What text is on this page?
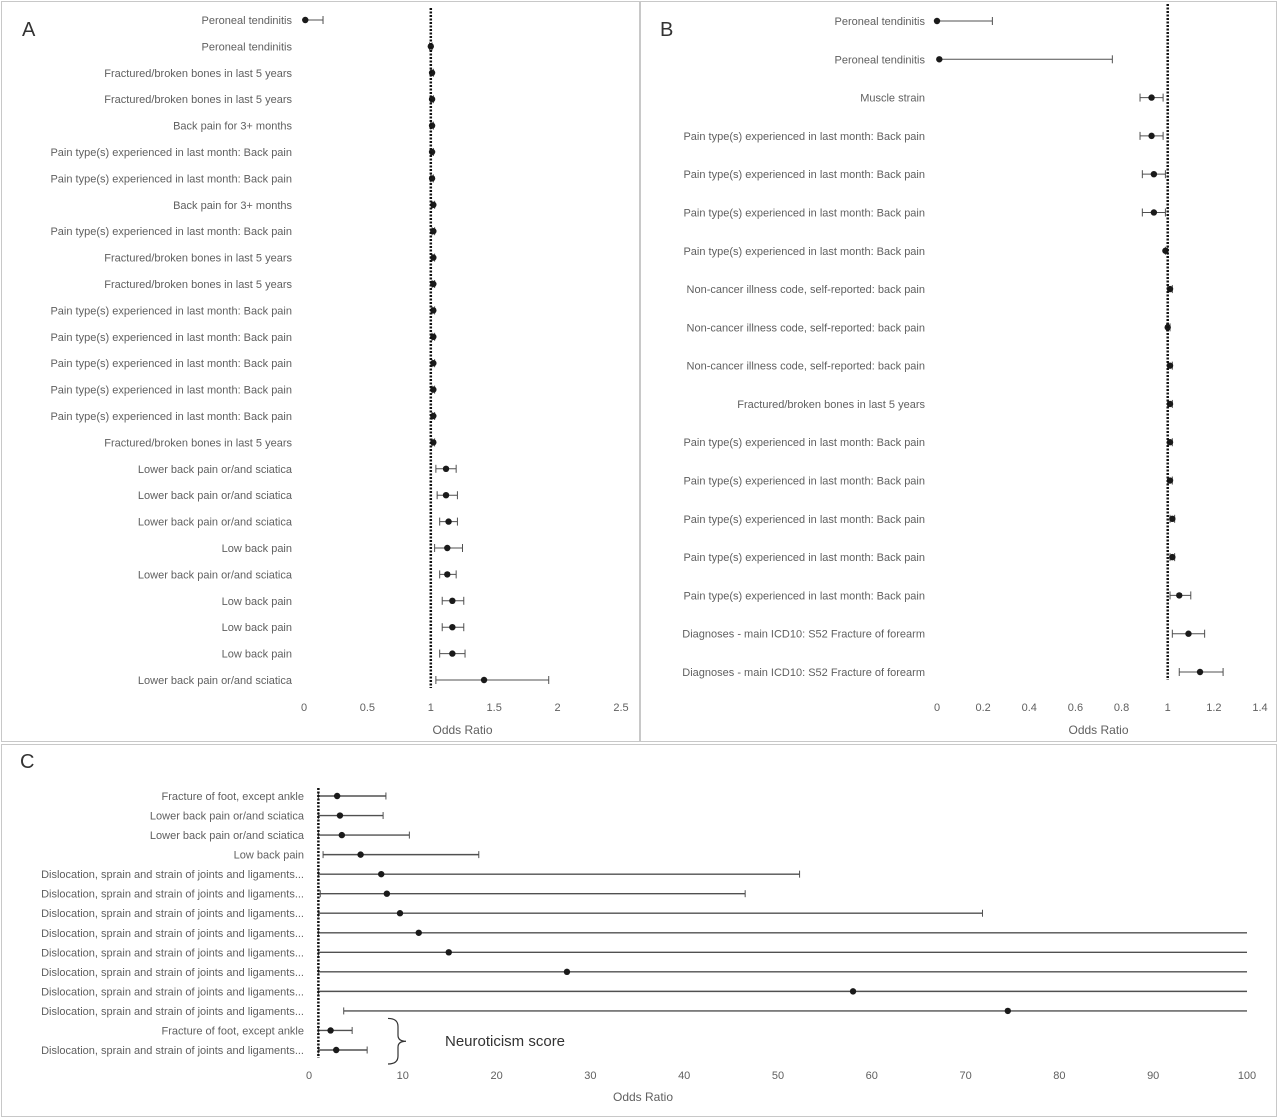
A	B
C
Peroneal tendinitis
Peroneal tendinitis
Fractured/broken bones in last 5 years
Fractured/broken bones in last 5 years
Back pain for 3+ months
Pain type(s) experienced in last month: Back pain
Pain type(s) experienced in last month: Back pain
Back pain for 3+ months
Pain type(s) experienced in last month: Back pain
Fractured/broken bones in last 5 years
Fractured/broken bones in last 5 years
Pain type(s) experienced in last month: Back pain
Pain type(s) experienced in last month: Back pain
Pain type(s) experienced in last month: Back pain
Pain type(s) experienced in last month: Back pain
Pain type(s) experienced in last month: Back pain
Fractured/broken bones in last 5 years
Lower back pain or/and sciatica
Lower back pain or/and sciatica
Lower back pain or/and sciatica
Low back pain
Lower back pain or/and sciatica
Low back pain
Low back pain
Low back pain
Lower back pain or/and sciatica
0	0.5	1	1.5	2	2.5
Odds Ratio
Peroneal tendinitis
Peroneal tendinitis
Muscle strain
Pain type(s) experienced in last month: Back pain
Pain type(s) experienced in last month: Back pain
Pain type(s) experienced in last month: Back pain
Pain type(s) experienced in last month: Back pain
Non-cancer illness code, self-reported: back pain
Non-cancer illness code, self-reported: back pain
Non-cancer illness code, self-reported: back pain
Fractured/broken bones in last 5 years
Pain type(s) experienced in last month: Back pain
Pain type(s) experienced in last month: Back pain
Pain type(s) experienced in last month: Back pain
Pain type(s) experienced in last month: Back pain
Pain type(s) experienced in last month: Back pain
Diagnoses - main ICD10: S52 Fracture of forearm
Diagnoses - main ICD10: S52 Fracture of forearm
0	0.2	0.4	0.6	0.8	1	1.2	1.4
Odds Ratio
Fracture of foot, except ankle
Lower back pain or/and sciatica
Lower back pain or/and sciatica
Low back pain
Dislocation, sprain and strain of joints and ligaments...
Dislocation, sprain and strain of joints and ligaments...
Dislocation, sprain and strain of joints and ligaments...
Dislocation, sprain and strain of joints and ligaments...
Dislocation, sprain and strain of joints and ligaments...
Dislocation, sprain and strain of joints and ligaments...
Dislocation, sprain and strain of joints and ligaments...
Dislocation, sprain and strain of joints and ligaments...
Fracture of foot, except ankle
Dislocation, sprain and strain of joints and ligaments...
0	10	20	30	40	50	60	70	80	90	100
Odds Ratio
Neuroticism score
